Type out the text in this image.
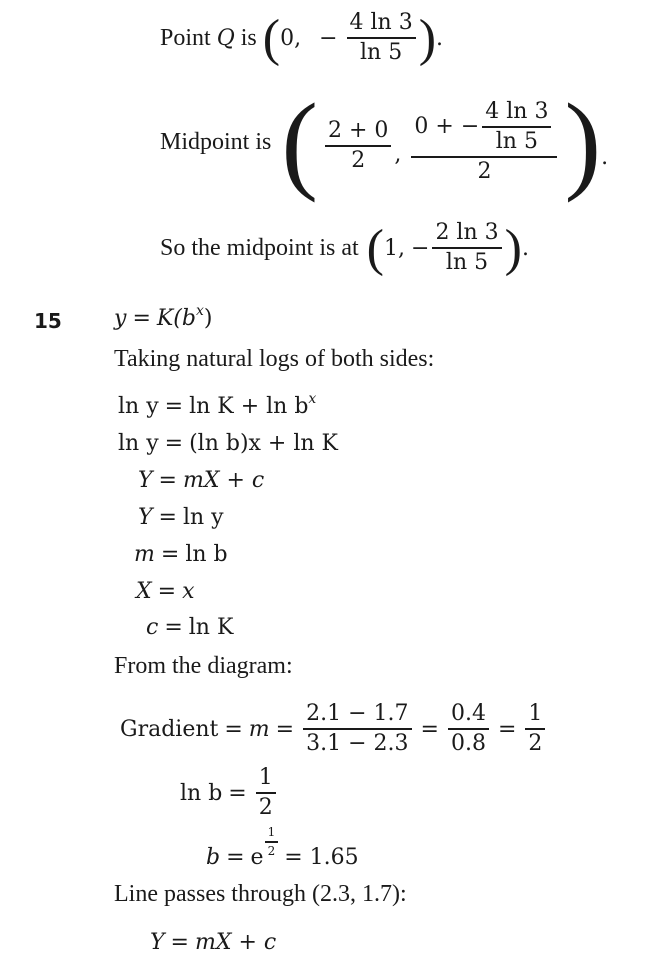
Point
Q
is ( 0, − $\frac{4 \ln 3}{\ln 5}$ ) .
Midpoint is ( $\frac{2 + 0}{2}$ , $\frac{0 + - \frac{4 \ln 3}{\ln 5}}{2}$ ) .
So the midpoint is at ( 1, − $\frac{2 \ln 3}{\ln 5}$ ) .
15 $y = K(b^x)$
Taking natural logs of both sides:
$\ln y = \ln K + \ln b^x$
ln y = (ln b)x + ln K
Y = mX + c
Y = ln y
m = ln b
X = x
c = ln K
From the diagram:
Gradient = $m = \frac{2.1 - 1.7}{3.1 - 2.3} = \frac{0.4}{0.8} = \frac{1}{2}$
$\ln b = \frac{1}{2}$
b = e $\frac{1}{2} = 1.65$
Line passes through (2.3, 1.7):
Y = mX + c
